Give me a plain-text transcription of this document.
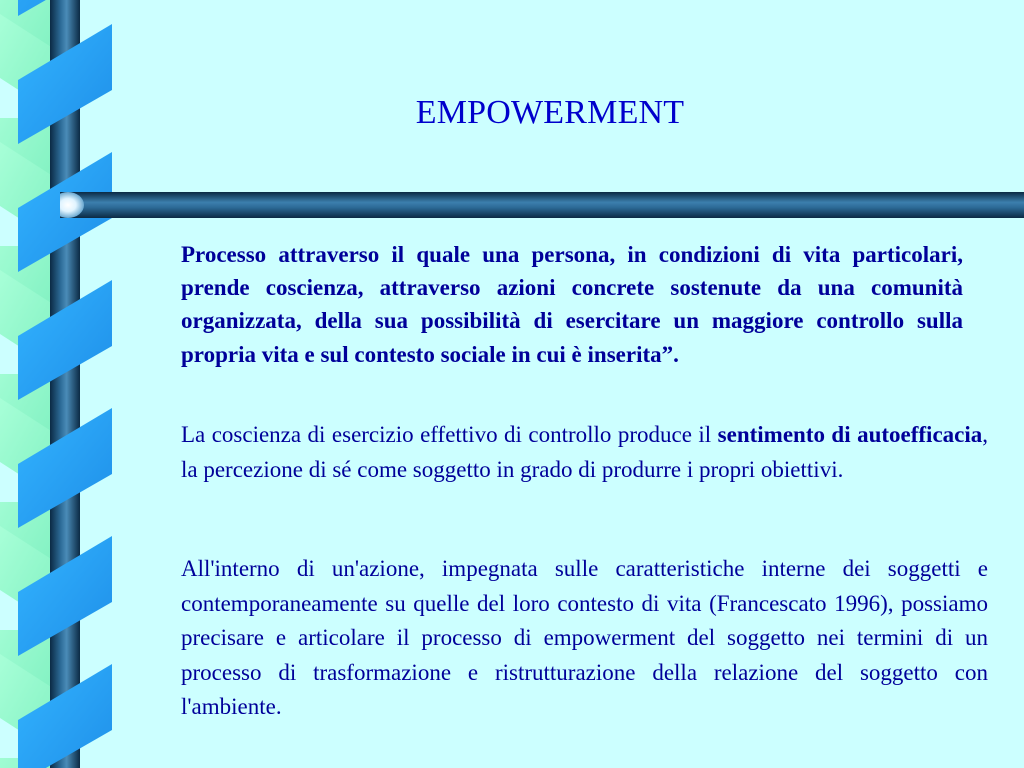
EMPOWERMENT

Processo attraverso il quale una persona, in condizioni di vita particolari, prende coscienza, attraverso azioni concrete sostenute da una comunità organizzata, della sua possibilità di esercitare un maggiore controllo sulla propria vita e sul contesto sociale in cui è inserita”.

La coscienza di esercizio effettivo di controllo produce il sentimento di autoefficacia, la percezione di sé come soggetto in grado di produrre i propri obiettivi.

All'interno di un'azione, impegnata sulle caratteristiche interne dei soggetti e contemporaneamente su quelle del loro contesto di vita (Francescato 1996), possiamo precisare e articolare il processo di empowerment del soggetto nei termini di un processo di trasformazione e ristrutturazione della relazione del soggetto con l'ambiente.
